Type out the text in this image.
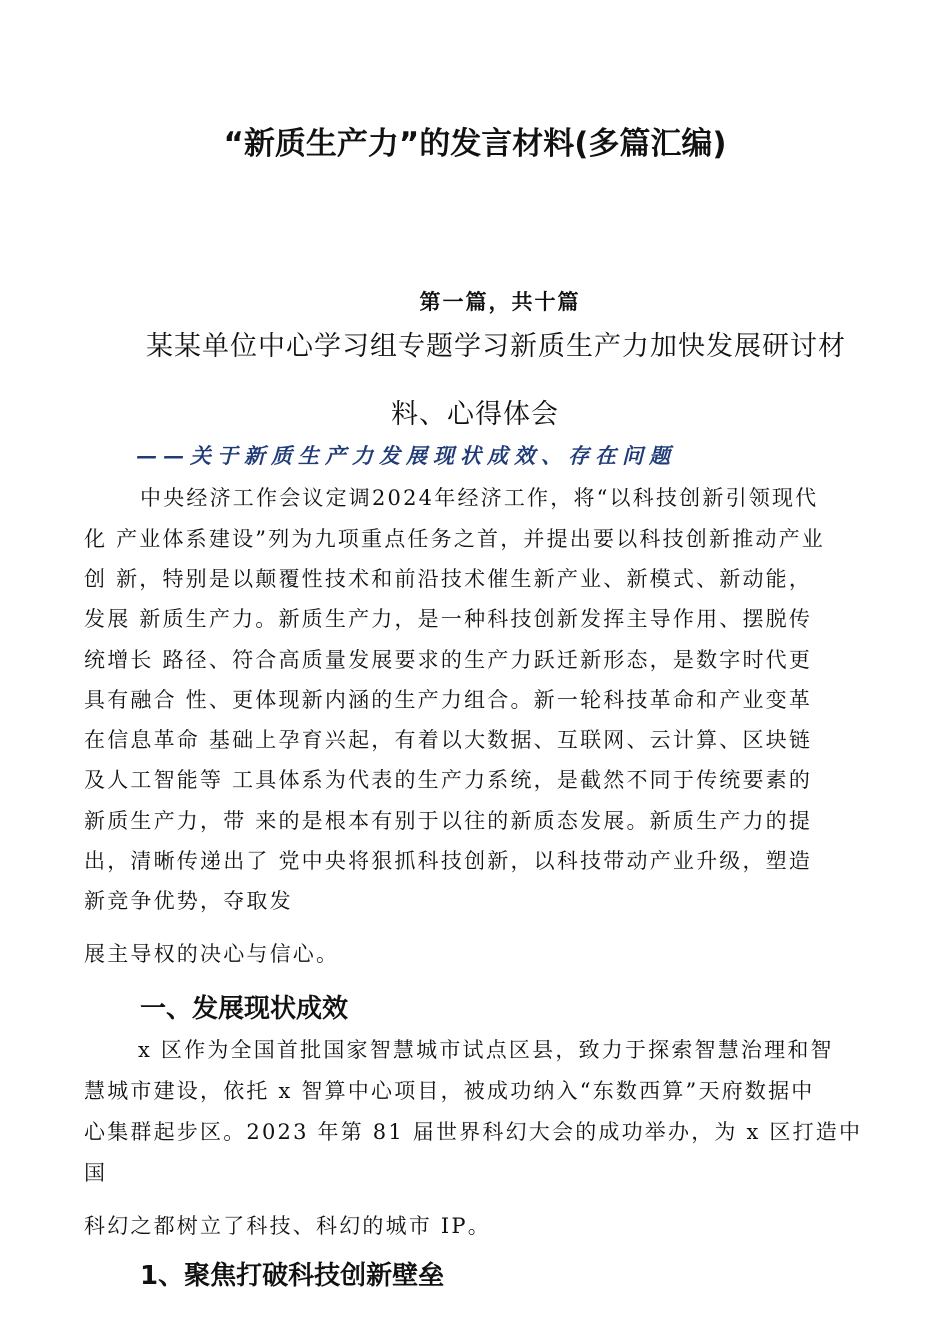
“新质生产力”的发言材料(多篇汇编)
第一篇，共十篇
某某单位中心学习组专题学习新质生产力加快发展研讨材
料、心得体会
——关于新质生产力发展现状成效、存在问题
中央经济工作会议定调2024年经济工作，将“以科技创新引领现代
化 产业体系建设”列为九项重点任务之首，并提出要以科技创新推动产业
创 新，特别是以颠覆性技术和前沿技术催生新产业、新模式、新动能，
发展 新质生产力。新质生产力，是一种科技创新发挥主导作用、摆脱传
统增长 路径、符合高质量发展要求的生产力跃迁新形态，是数字时代更
具有融合 性、更体现新内涵的生产力组合。新一轮科技革命和产业变革
在信息革命 基础上孕育兴起，有着以大数据、互联网、云计算、区块链
及人工智能等 工具体系为代表的生产力系统，是截然不同于传统要素的
新质生产力，带 来的是根本有别于以往的新质态发展。新质生产力的提
出，清晰传递出了 党中央将狠抓科技创新，以科技带动产业升级，塑造
新竞争优势，夺取发
展主导权的决心与信心。
一、发展现状成效
x 区作为全国首批国家智慧城市试点区县，致力于探索智慧治理和智
慧城市建设，依托 x 智算中心项目，被成功纳入“东数西算”天府数据中
心集群起步区。2023 年第 81 届世界科幻大会的成功举办，为 x 区打造中
国
科幻之都树立了科技、科幻的城市 IP。
1、聚焦打破科技创新壁垒
